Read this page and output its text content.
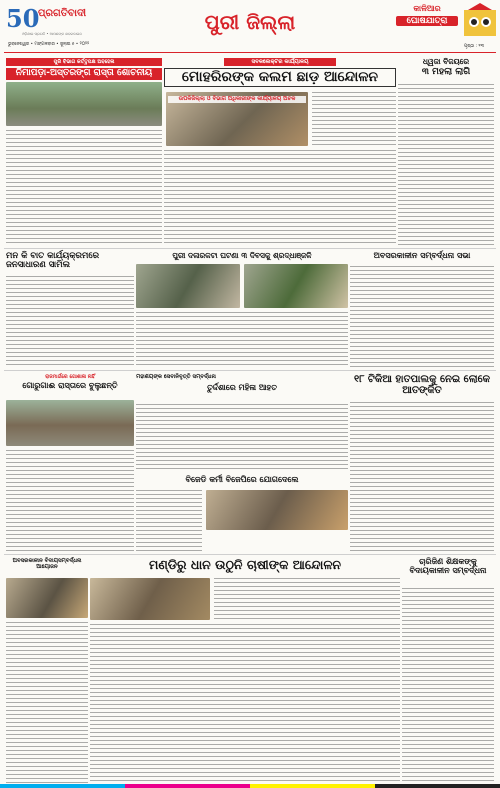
50
ପ୍ରଗତିବାଦୀ
ଓଡ଼ିଶାର ପ୍ରଗତି • ଆପଣଙ୍କ ଖବରକାଗଜ
ଭୁବନେଶ୍ୱର • ମଙ୍ଗଳବାର • ଜୁଲାଇ ୫ • ୨୦୨୨
ପୁରୀ ଜିଲ୍ଲା
କାଳିଆର
ଘୋଷଯାତ୍ରା
ପୃଷ୍ଠା : ୧୩
ପୁରି ବିଭାଗ କର୍ତ୍ତୃପକ୍ଷ ଅବହେଳା
ନିମାପଡ଼ା-ଅସ୍ତରଙ୍ଗ ରାସ୍ତା ଶୋଚନୀୟ
ସବକଲେକ୍ଟର କାର୍ଯ୍ୟାଳୟ
ମୋହରିରଙ୍କ କଲମ ଛାଡ଼ ଆନ୍ଦୋଳନ
ଉପକିଜିଲ୍ଲା ଓ ବିଭାଗ ଅଧିକାରୀଙ୍କ କାର୍ଯ୍ୟାଳୟ ଅଚଳ
ଧ୍ୱଜା ବିଜୟରେ
୩ ମହଲା ଲାଗି
ମନ କି ବାତ କାର୍ଯ୍ୟକ୍ରମରେ ଜନସାଧାରଣ ସାମିଲ
ପୁରୀ ଦଳାରକଟା ଘଟଣା ୩ ଦିବସକୁ ଶ୍ରଦ୍ଧାଞ୍ଜଳି	ଅବସରକାଳୀନ ସମ୍ବର୍ଦ୍ଧନା ସଭା
ରାଜମାର୍ଗରେ ଗୋଶାଳା ନାହିଁ
ଗୋରୁଗାଈ ରାସ୍ତାରେ ବୁଲୁଛନ୍ତି
ମହାଶୟଙ୍କ ସେବାନିବୃତ୍ତି ସମ୍ବର୍ଦ୍ଧନା
ତୁର୍ଦ୍ଦଶାରେ ମହିଳା ଆହତ
ବିଜେଡି କର୍ମୀ ବିଜେପିରେ ଯୋଗଦେଲେ
୧୮ ଟିକିଆ ହାତପାଲକୁ ନେଇ ଲୋକେ ଆତଙ୍କିତ
ମଣ୍ଡିରୁ ଧାନ ଉଠୁନି ଚାଷୀଙ୍କ ଆନ୍ଦୋଳନ
ଅବସରକାଳୀନ ବିଦାୟସମ୍ବର୍ଦ୍ଧନା ଆୟୋଜନ
ଚାରିଜିଣ ଶିକ୍ଷକଙ୍କୁ ବିଦାୟକାଳୀନ ସମ୍ବର୍ଦ୍ଧନା
